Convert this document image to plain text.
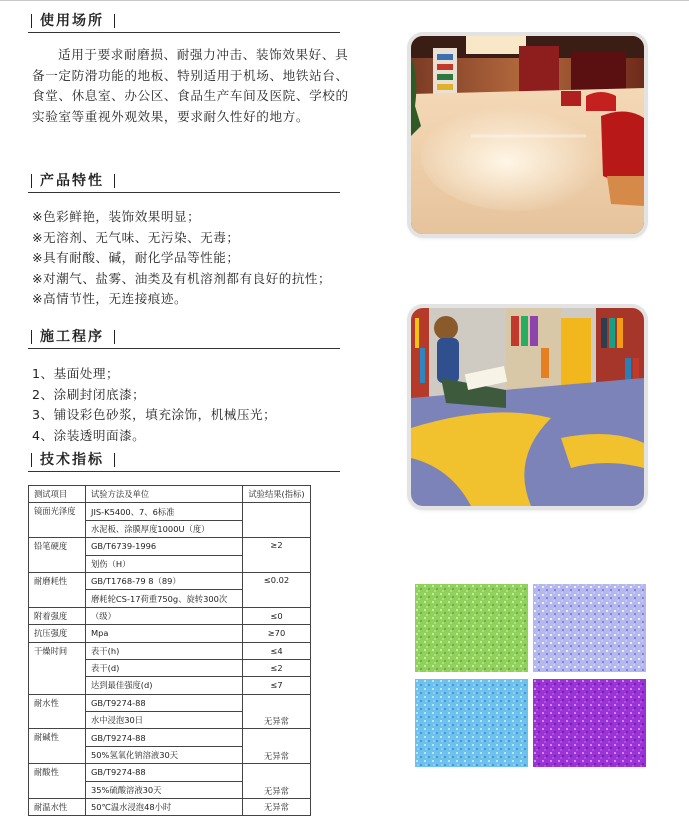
使用场所

适用于要求耐磨损、耐强力冲击、装饰效果好、具备一定防滑功能的地板、特别适用于机场、地铁站台、食堂、休息室、办公区、食品生产车间及医院、学校的实验室等重视外观效果，要求耐久性好的地方。

产品特性
※色彩鲜艳，装饰效果明显；
※无溶剂、无气味、无污染、无毒；
※具有耐酸、碱，耐化学品等性能；
※对潮气、盐雾、油类及有机溶剂都有良好的抗性；
※高情节性，无连接痕迹。
施工程序
1、基面处理；
2、涂刷封闭底漆；
3、铺设彩色砂浆，填充涂饰，机械压光；
4、涂装透明面漆。
技术指标
测试项目	试验方法及单位	试验结果(指标)
镜面光泽度	JIS-K5400、7、6标准	
	水泥板、涂膜厚度1000U（度）	
铅笔硬度	GB/T6739-1996	≥2
	划伤（H）	
耐磨耗性	GB/T1768-79 8（89）	≤0.02
	磨耗轮CS-17荷重750g、旋转300次	
附着强度	（级）	≤0
抗压强度	Mpa	≥70
干燥时间	表干(h)	≤4
	表干(d)	≤2
	达到最佳强度(d)	≤7
耐水性	GB/T9274-88	无异常
	水中浸泡30日	
耐碱性	GB/T9274-88	无异常
	50%氢氧化钠溶液30天	
耐酸性	GB/T9274-88	无异常
	35%硫酸溶液30天	
耐温水性	50℃温水浸泡48小时	无异常
